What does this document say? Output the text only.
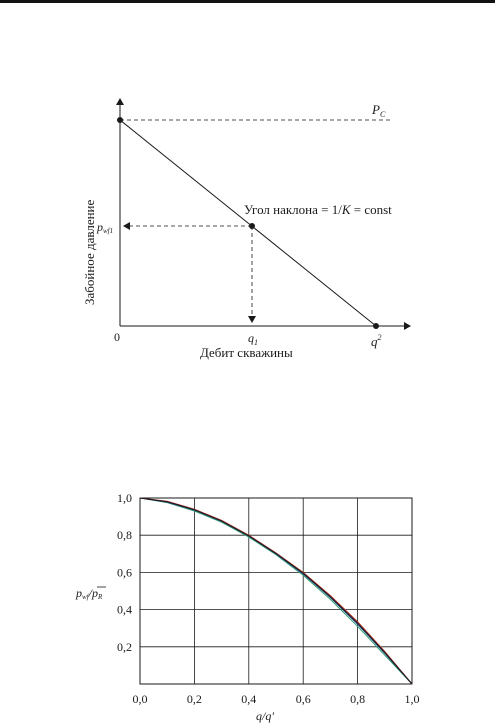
$P_C$
Угол наклона = 1/K = const
pwf1
0	$q_1$	$q^2$
Дебит скважины
Забойное давление
0,0	0,2	0,4	0,6	0,8	1,0
0,2
0,4
0,6
0,8
1,0
pwf/pR
q/q'
